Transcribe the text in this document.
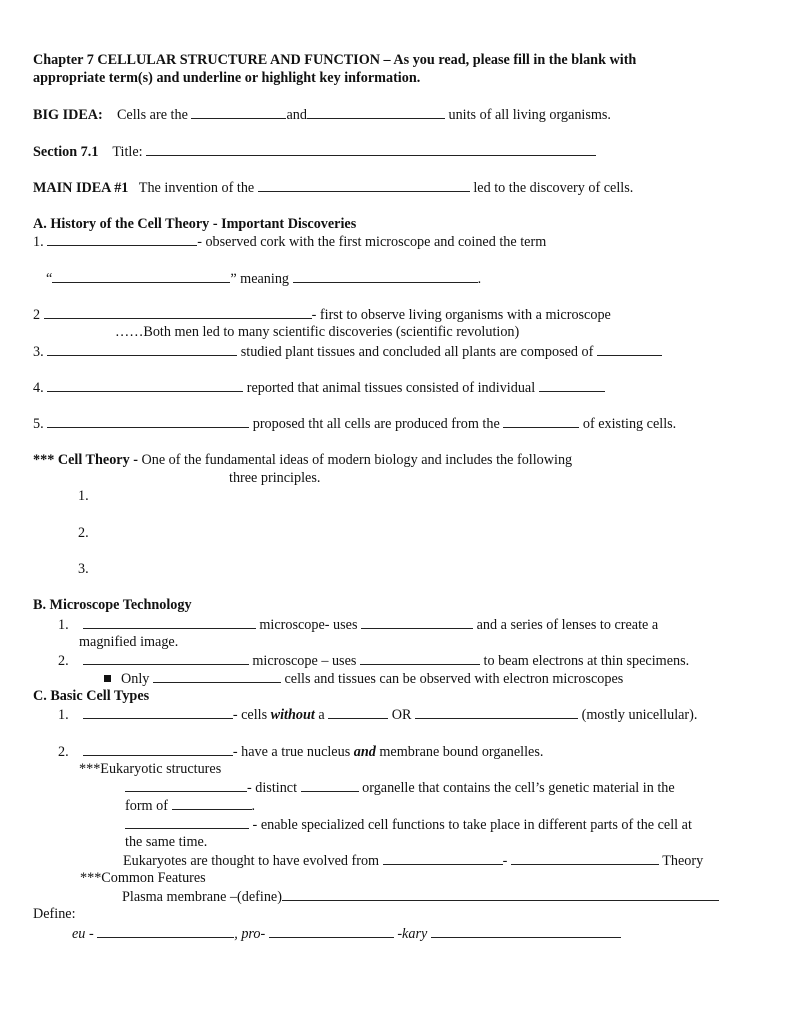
Chapter 7 CELLULAR STRUCTURE AND FUNCTION – As you read, please fill in the blank with
appropriate term(s) and underline or highlight key information.
BIG IDEA: Cells are the	and	units of all living organisms.
Section 7.1 Title:
MAIN IDEA #1 The invention of the	led to the discovery of cells.
A. History of the Cell Theory - Important Discoveries
1.	- observed cork with the first microscope and coined the term
“	” meaning	.
2	- first to observe living organisms with a microscope
……Both men led to many scientific discoveries (scientific revolution)
3.	studied plant tissues and concluded all plants are composed of
4.	reported that animal tissues consisted of individual
5.	proposed tht all cells are produced from the	of existing cells.
*** Cell Theory - One of the fundamental ideas of modern biology and includes the following
three principles.
1.
2.
3.
B. Microscope Technology
1.	microscope- uses	and a series of lenses to create a
magnified image.
2.	microscope – uses	to beam electrons at thin specimens.
Only	cells and tissues can be observed with electron microscopes
C. Basic Cell Types
1.	- cells without a	OR	(mostly unicellular).
2.	- have a true nucleus and membrane bound organelles.
***Eukaryotic structures
- distinct	organelle that contains the cell’s genetic material in the
form of	.
- enable specialized cell functions to take place in different parts of the cell at
the same time.
Eukaryotes are thought to have evolved from	-	Theory
***Common Features
Plasma membrane –(define)
Define:
eu -	, pro-	-kary
